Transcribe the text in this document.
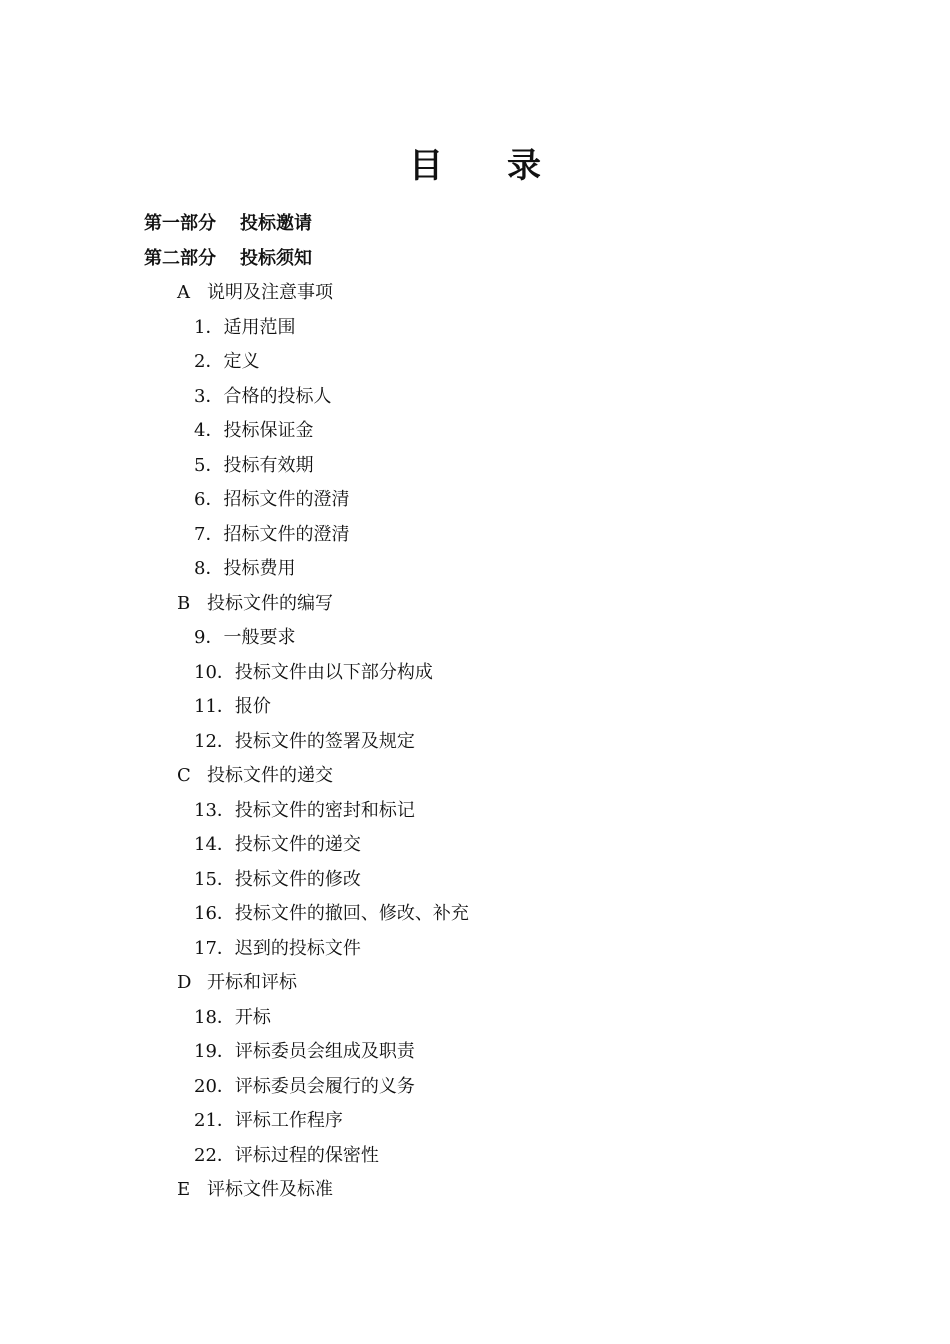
目 录
第一部分	投标邀请
第二部分	投标须知
A 说明及注意事项
1． 适用范围
2． 定义
3． 合格的投标人
4． 投标保证金
5． 投标有效期
6． 招标文件的澄清
7． 招标文件的澄清
8． 投标费用
B 投标文件的编写
9． 一般要求
10． 投标文件由以下部分构成
11． 报价
12． 投标文件的签署及规定
C 投标文件的递交
13． 投标文件的密封和标记
14． 投标文件的递交
15． 投标文件的修改
16． 投标文件的撤回、修改、补充
17． 迟到的投标文件
D 开标和评标
18． 开标
19． 评标委员会组成及职责
20． 评标委员会履行的义务
21． 评标工作程序
22． 评标过程的保密性
E 评标文件及标准
